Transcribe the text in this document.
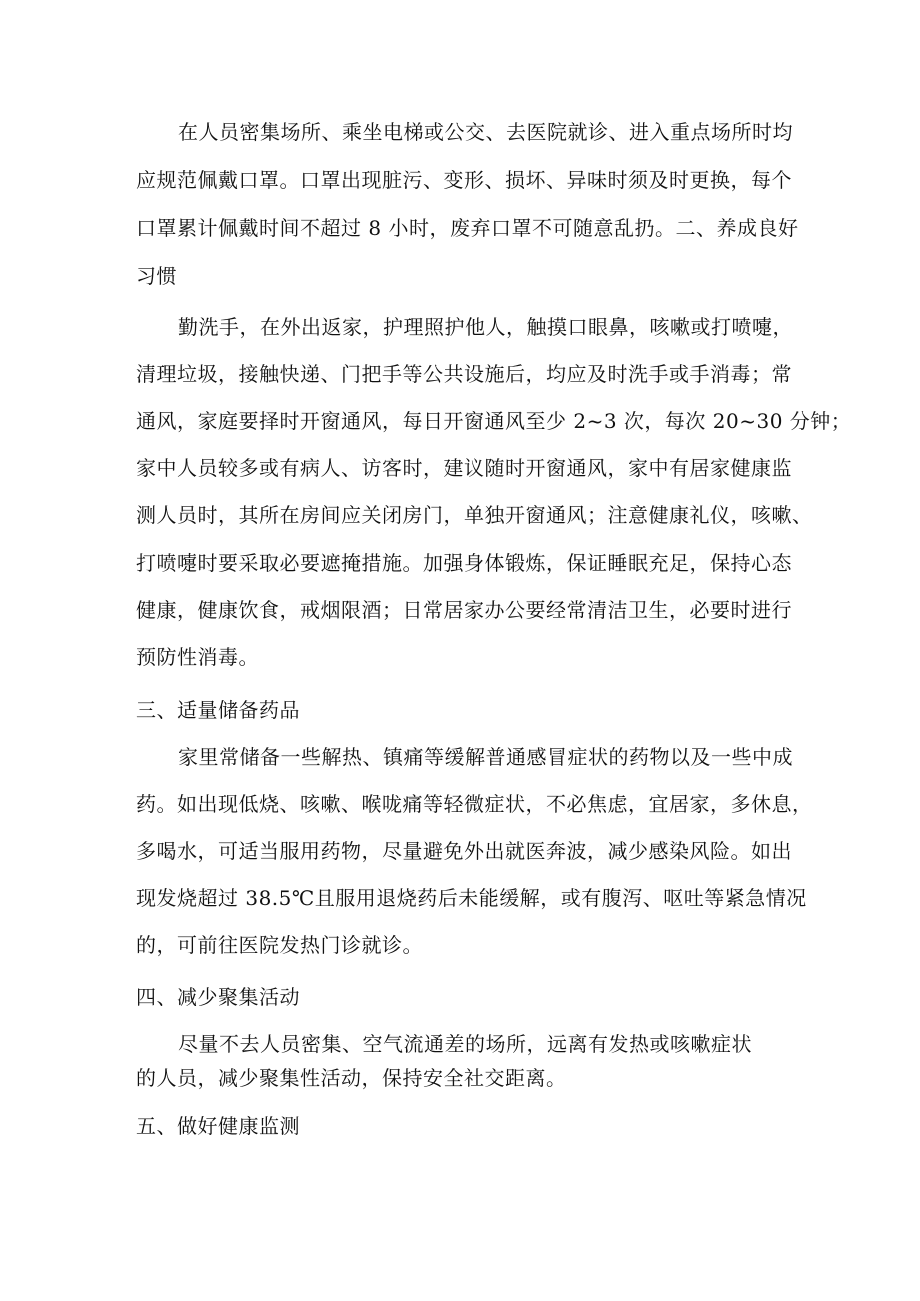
在人员密集场所、乘坐电梯或公交、去医院就诊、进入重点场所时均
应规范佩戴口罩。口罩出现脏污、变形、损坏、异味时须及时更换，每个
口罩累计佩戴时间不超过 8 小时，废弃口罩不可随意乱扔。二、养成良好
习惯
勤洗手，在外出返家，护理照护他人，触摸口眼鼻，咳嗽或打喷嚏，
清理垃圾，接触快递、门把手等公共设施后，均应及时洗手或手消毒；常
通风，家庭要择时开窗通风，每日开窗通风至少 2~3 次，每次 20~30 分钟；
家中人员较多或有病人、访客时，建议随时开窗通风，家中有居家健康监
测人员时，其所在房间应关闭房门，单独开窗通风；注意健康礼仪，咳嗽、
打喷嚏时要采取必要遮掩措施。加强身体锻炼，保证睡眠充足，保持心态
健康，健康饮食，戒烟限酒；日常居家办公要经常清洁卫生，必要时进行
预防性消毒。
三、适量储备药品
家里常储备一些解热、镇痛等缓解普通感冒症状的药物以及一些中成
药。如出现低烧、咳嗽、喉咙痛等轻微症状，不必焦虑，宜居家，多休息，
多喝水，可适当服用药物，尽量避免外出就医奔波，减少感染风险。如出
现发烧超过 38.5℃且服用退烧药后未能缓解，或有腹泻、呕吐等紧急情况
的，可前往医院发热门诊就诊。
四、减少聚集活动
尽量不去人员密集、空气流通差的场所，远离有发热或咳嗽症状
的人员，减少聚集性活动，保持安全社交距离。
五、做好健康监测
